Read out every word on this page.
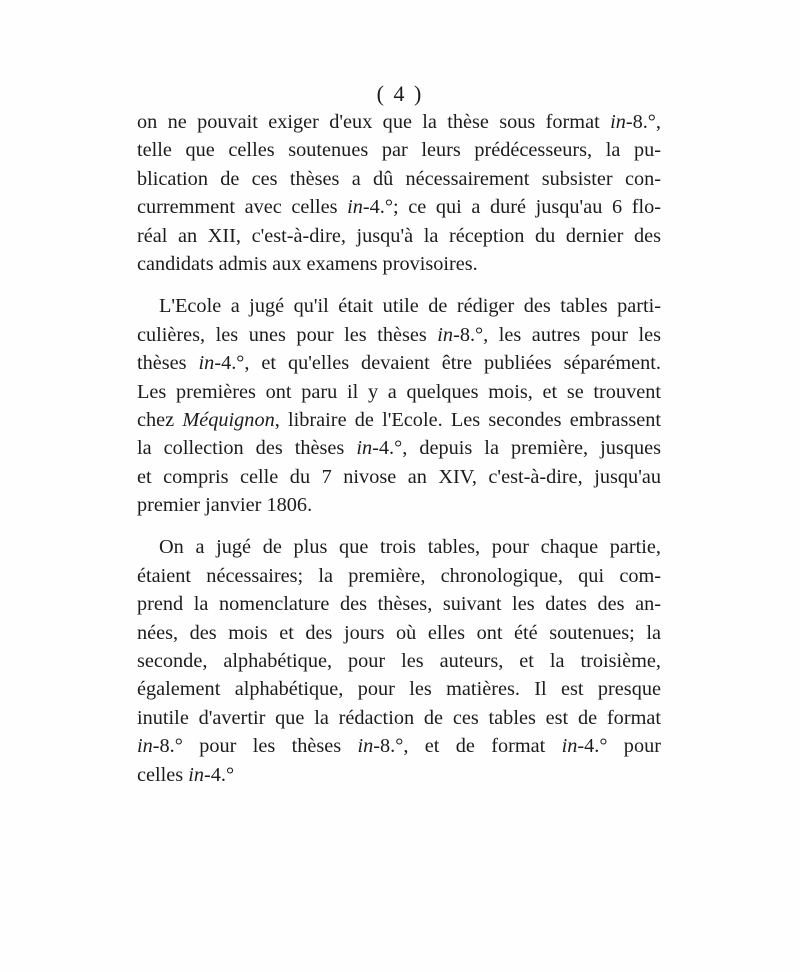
( 4 )

on ne pouvait exiger d'eux que la thèse sous format in-8.°,
telle que celles soutenues par leurs prédécesseurs, la pu-
blication de ces thèses a dû nécessairement subsister con-
curremment avec celles in-4.°; ce qui a duré jusqu'au 6 flo-
réal an XII, c'est-à-dire, jusqu'à la réception du dernier des
candidats admis aux examens provisoires.

L'Ecole a jugé qu'il était utile de rédiger des tables parti-
culières, les unes pour les thèses in-8.°, les autres pour les
thèses in-4.°, et qu'elles devaient être publiées séparément.
Les premières ont paru il y a quelques mois, et se trouvent
chez Méquignon, libraire de l'Ecole. Les secondes embrassent
la collection des thèses in-4.°, depuis la première, jusques
et compris celle du 7 nivose an XIV, c'est-à-dire, jusqu'au
premier janvier 1806.

On a jugé de plus que trois tables, pour chaque partie,
étaient nécessaires; la première, chronologique, qui com-
prend la nomenclature des thèses, suivant les dates des an-
nées, des mois et des jours où elles ont été soutenues; la
seconde, alphabétique, pour les auteurs, et la troisième,
également alphabétique, pour les matières. Il est presque
inutile d'avertir que la rédaction de ces tables est de format
in-8.° pour les thèses in-8.°, et de format in-4.° pour
celles in-4.°
